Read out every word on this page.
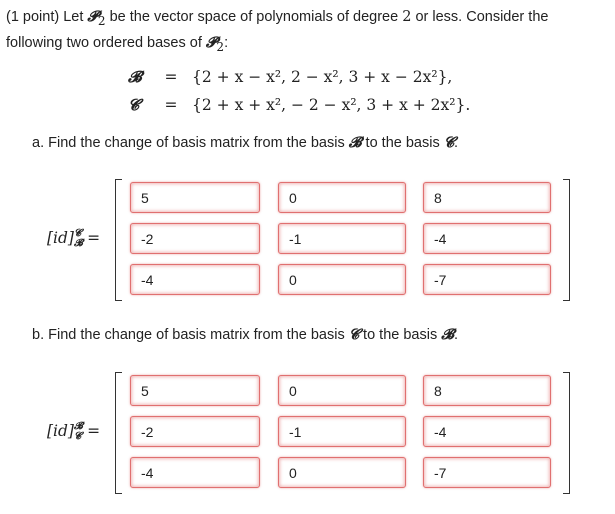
(1 point) Let 𝓟$_2$ be the vector space of polynomials of degree 2 or less. Consider the following two ordered bases of 𝓟$_2$:
𝓑 = {2 + x − x², 2 − x², 3 + x − 2x²},
𝓒 = {2 + x + x², − 2 − x², 3 + x + 2x²}.
a. Find the change of basis matrix from the basis 𝓑 to the basis 𝓒.
[id] 𝓒
𝓑 =
5
0
8
-2
-1
-4
-4
0
-7
b. Find the change of basis matrix from the basis 𝓒 to the basis 𝓑.
[id] 𝓑
𝓒 =
5
0
8
-2
-1
-4
-4
0
-7
